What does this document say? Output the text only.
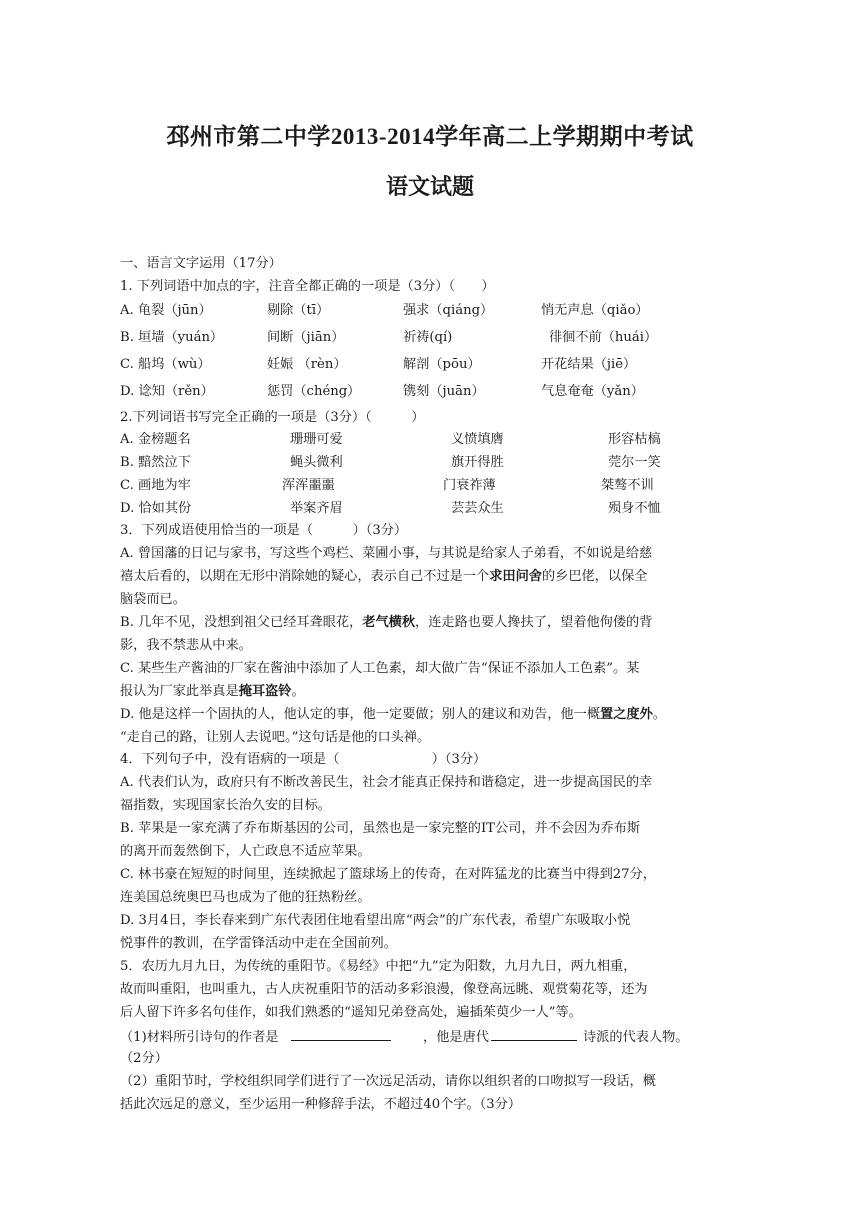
邳州市第二中学2013-2014学年高二上学期期中考试
语文试题
一、语言文字运用（17分）
1. 下列词语中加点的字，注音全都正确的一项是（3分）（　　）
A. 龟裂（jūn）	剔除（tī）	强求（qiáng）	悄无声息（qiǎo）
B. 垣墙（yuán）	间断（jiān）	祈祷(qí)	徘徊不前（huái）
C. 船坞（wù）	妊娠 （rèn）	解剖（pōu）	开花结果（jiē）
D. 谂知（rěn）	惩罚（chéng）	镌刻（juān）	气息奄奄（yǎn）
2.下列词语书写完全正确的一项是（3分）（　　　）
A. 金榜题名	珊珊可爱	义愤填膺	形容枯槁
B. 黯然泣下	蝇头微利	旗开得胜	莞尔一笑
C. 画地为牢	浑浑噩噩	门衰祚薄	桀骜不训
D. 恰如其份	举案齐眉	芸芸众生	殒身不恤
3．下列成语使用恰当的一项是（　　　）（3分）
A. 曾国藩的日记与家书，写这些个鸡栏、菜圃小事，与其说是给家人子弟看，不如说是给慈
禧太后看的，以期在无形中消除她的疑心，表示自己不过是一个求田问舍的乡巴佬，以保全
脑袋而已。
B. 几年不见，没想到祖父已经耳聋眼花，老气横秋，连走路也要人搀扶了，望着他佝偻的背
影，我不禁悲从中来。
C. 某些生产酱油的厂家在酱油中添加了人工色素，却大做广告“保证不添加人工色素”。某
报认为厂家此举真是掩耳盗铃。
D. 他是这样一个固执的人，他认定的事，他一定要做；别人的建议和劝告，他一概置之度外。
“走自己的路，让别人去说吧。”这句话是他的口头禅。
4．下列句子中，没有语病的一项是（　　　　　　　）（3分）
A. 代表们认为，政府只有不断改善民生，社会才能真正保持和谐稳定，进一步提高国民的幸
福指数，实现国家长治久安的目标。
B. 苹果是一家充满了乔布斯基因的公司，虽然也是一家完整的IT公司，并不会因为乔布斯
的离开而轰然倒下，人亡政息不适应苹果。
C. 林书豪在短短的时间里，连续掀起了篮球场上的传奇，在对阵猛龙的比赛当中得到27分，
连美国总统奥巴马也成为了他的狂热粉丝。
D. 3月4日，李长春来到广东代表团住地看望出席“两会”的广东代表，希望广东吸取小悦
悦事件的教训，在学雷锋活动中走在全国前列。
5．农历九月九日，为传统的重阳节。《易经》中把“九”定为阳数，九月九日，两九相重，
故而叫重阳，也叫重九，古人庆祝重阳节的活动多彩浪漫，像登高远眺、观赏菊花等，还为
后人留下许多名句佳作，如我们熟悉的“遥知兄弟登高处，遍插茱萸少一人”等。
（1)材料所引诗句的作者是	，他是唐代	诗派的代表人物。
（2分）
（2）重阳节时，学校组织同学们进行了一次远足活动，请你以组织者的口吻拟写一段话，概
括此次远足的意义，至少运用一种修辞手法，不超过40个字。（3分）
